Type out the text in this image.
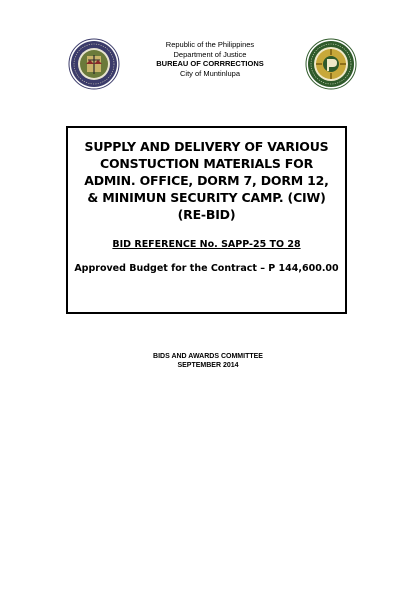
Republic of the Philippines
Department of Justice
BUREAU OF CORRRECTIONS
City of Muntinlupa
SUPPLY AND DELIVERY OF VARIOUS CONSTUCTION MATERIALS FOR ADMIN. OFFICE, DORM 7, DORM 12, & MINIMUN SECURITY CAMP. (CIW) (RE-BID)
BID REFERENCE No. SAPP-25 TO 28
Approved Budget for the Contract – P 144,600.00
BIDS AND AWARDS COMMITTEE
SEPTEMBER 2014
